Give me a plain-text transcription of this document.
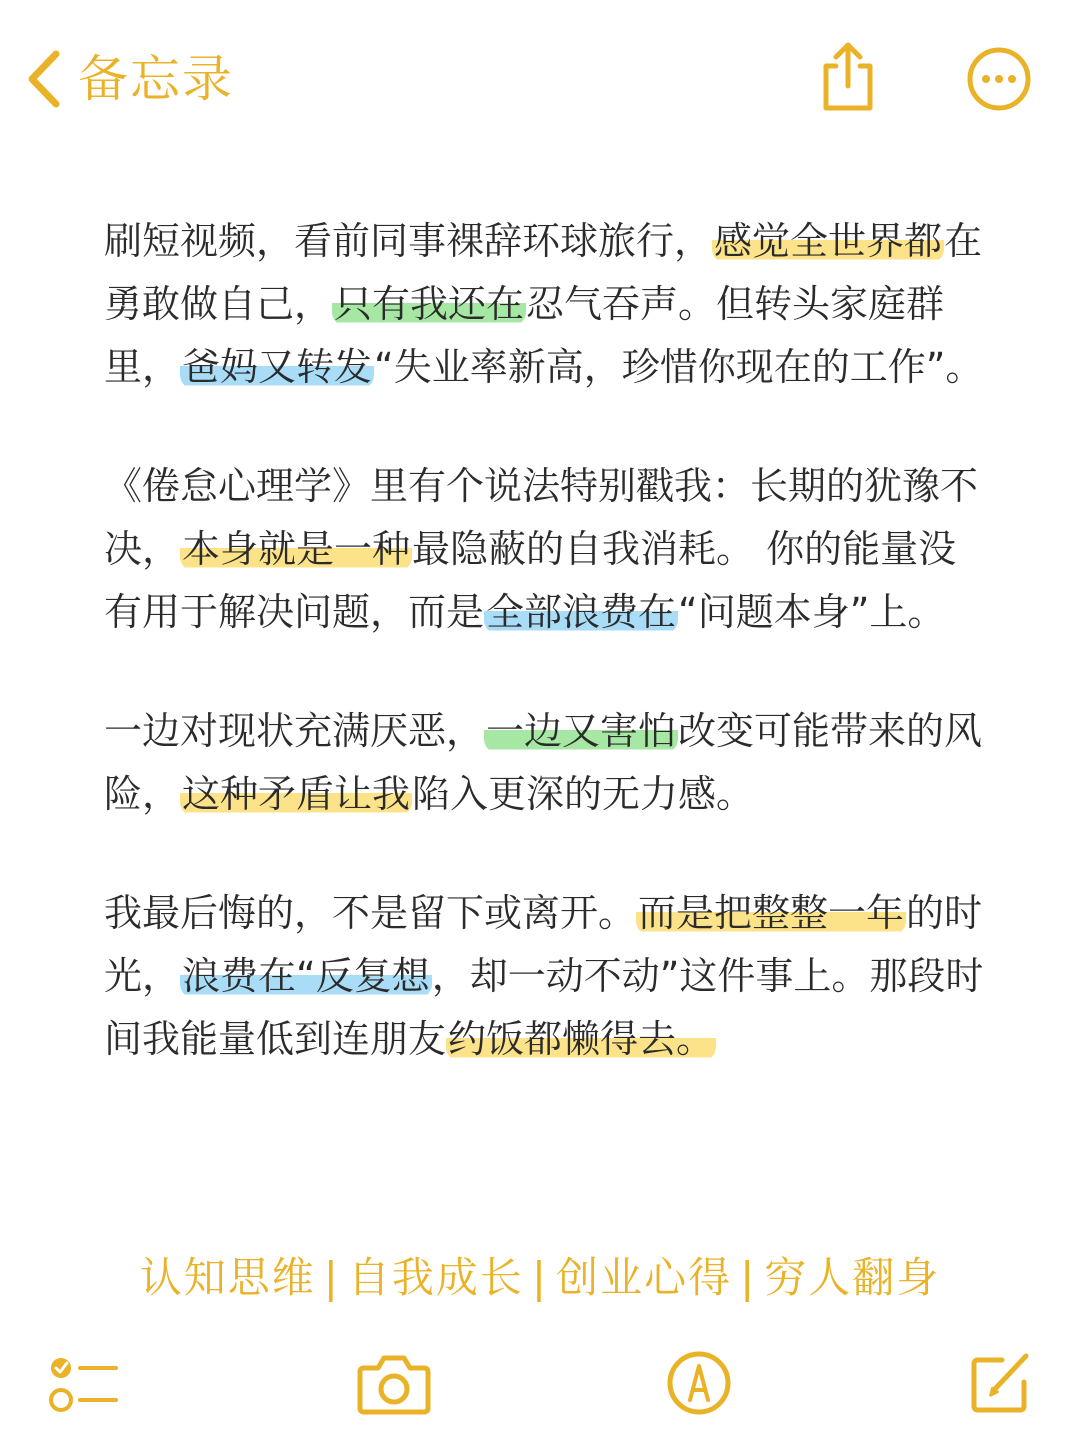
备忘录

刷短视频，看前同事裸辞环球旅行，感觉全世界都在勇敢做自己，只有我还在忍气吞声。但转头家庭群里，爸妈又转发“失业率新高，珍惜你现在的工作”。

《倦怠心理学》里有个说法特别戳我：长期的犹豫不决，本身就是一种最隐蔽的自我消耗。 你的能量没有用于解决问题，而是全部浪费在“问题本身”上。

一边对现状充满厌恶，一边又害怕改变可能带来的风险，这种矛盾让我陷入更深的无力感。

我最后悔的，不是留下或离开。而是把整整一年的时光，浪费在“反复想，却一动不动”这件事上。那段时间我能量低到连朋友约饭都懒得去。

认知思维 | 自我成长 | 创业心得 | 穷人翻身
